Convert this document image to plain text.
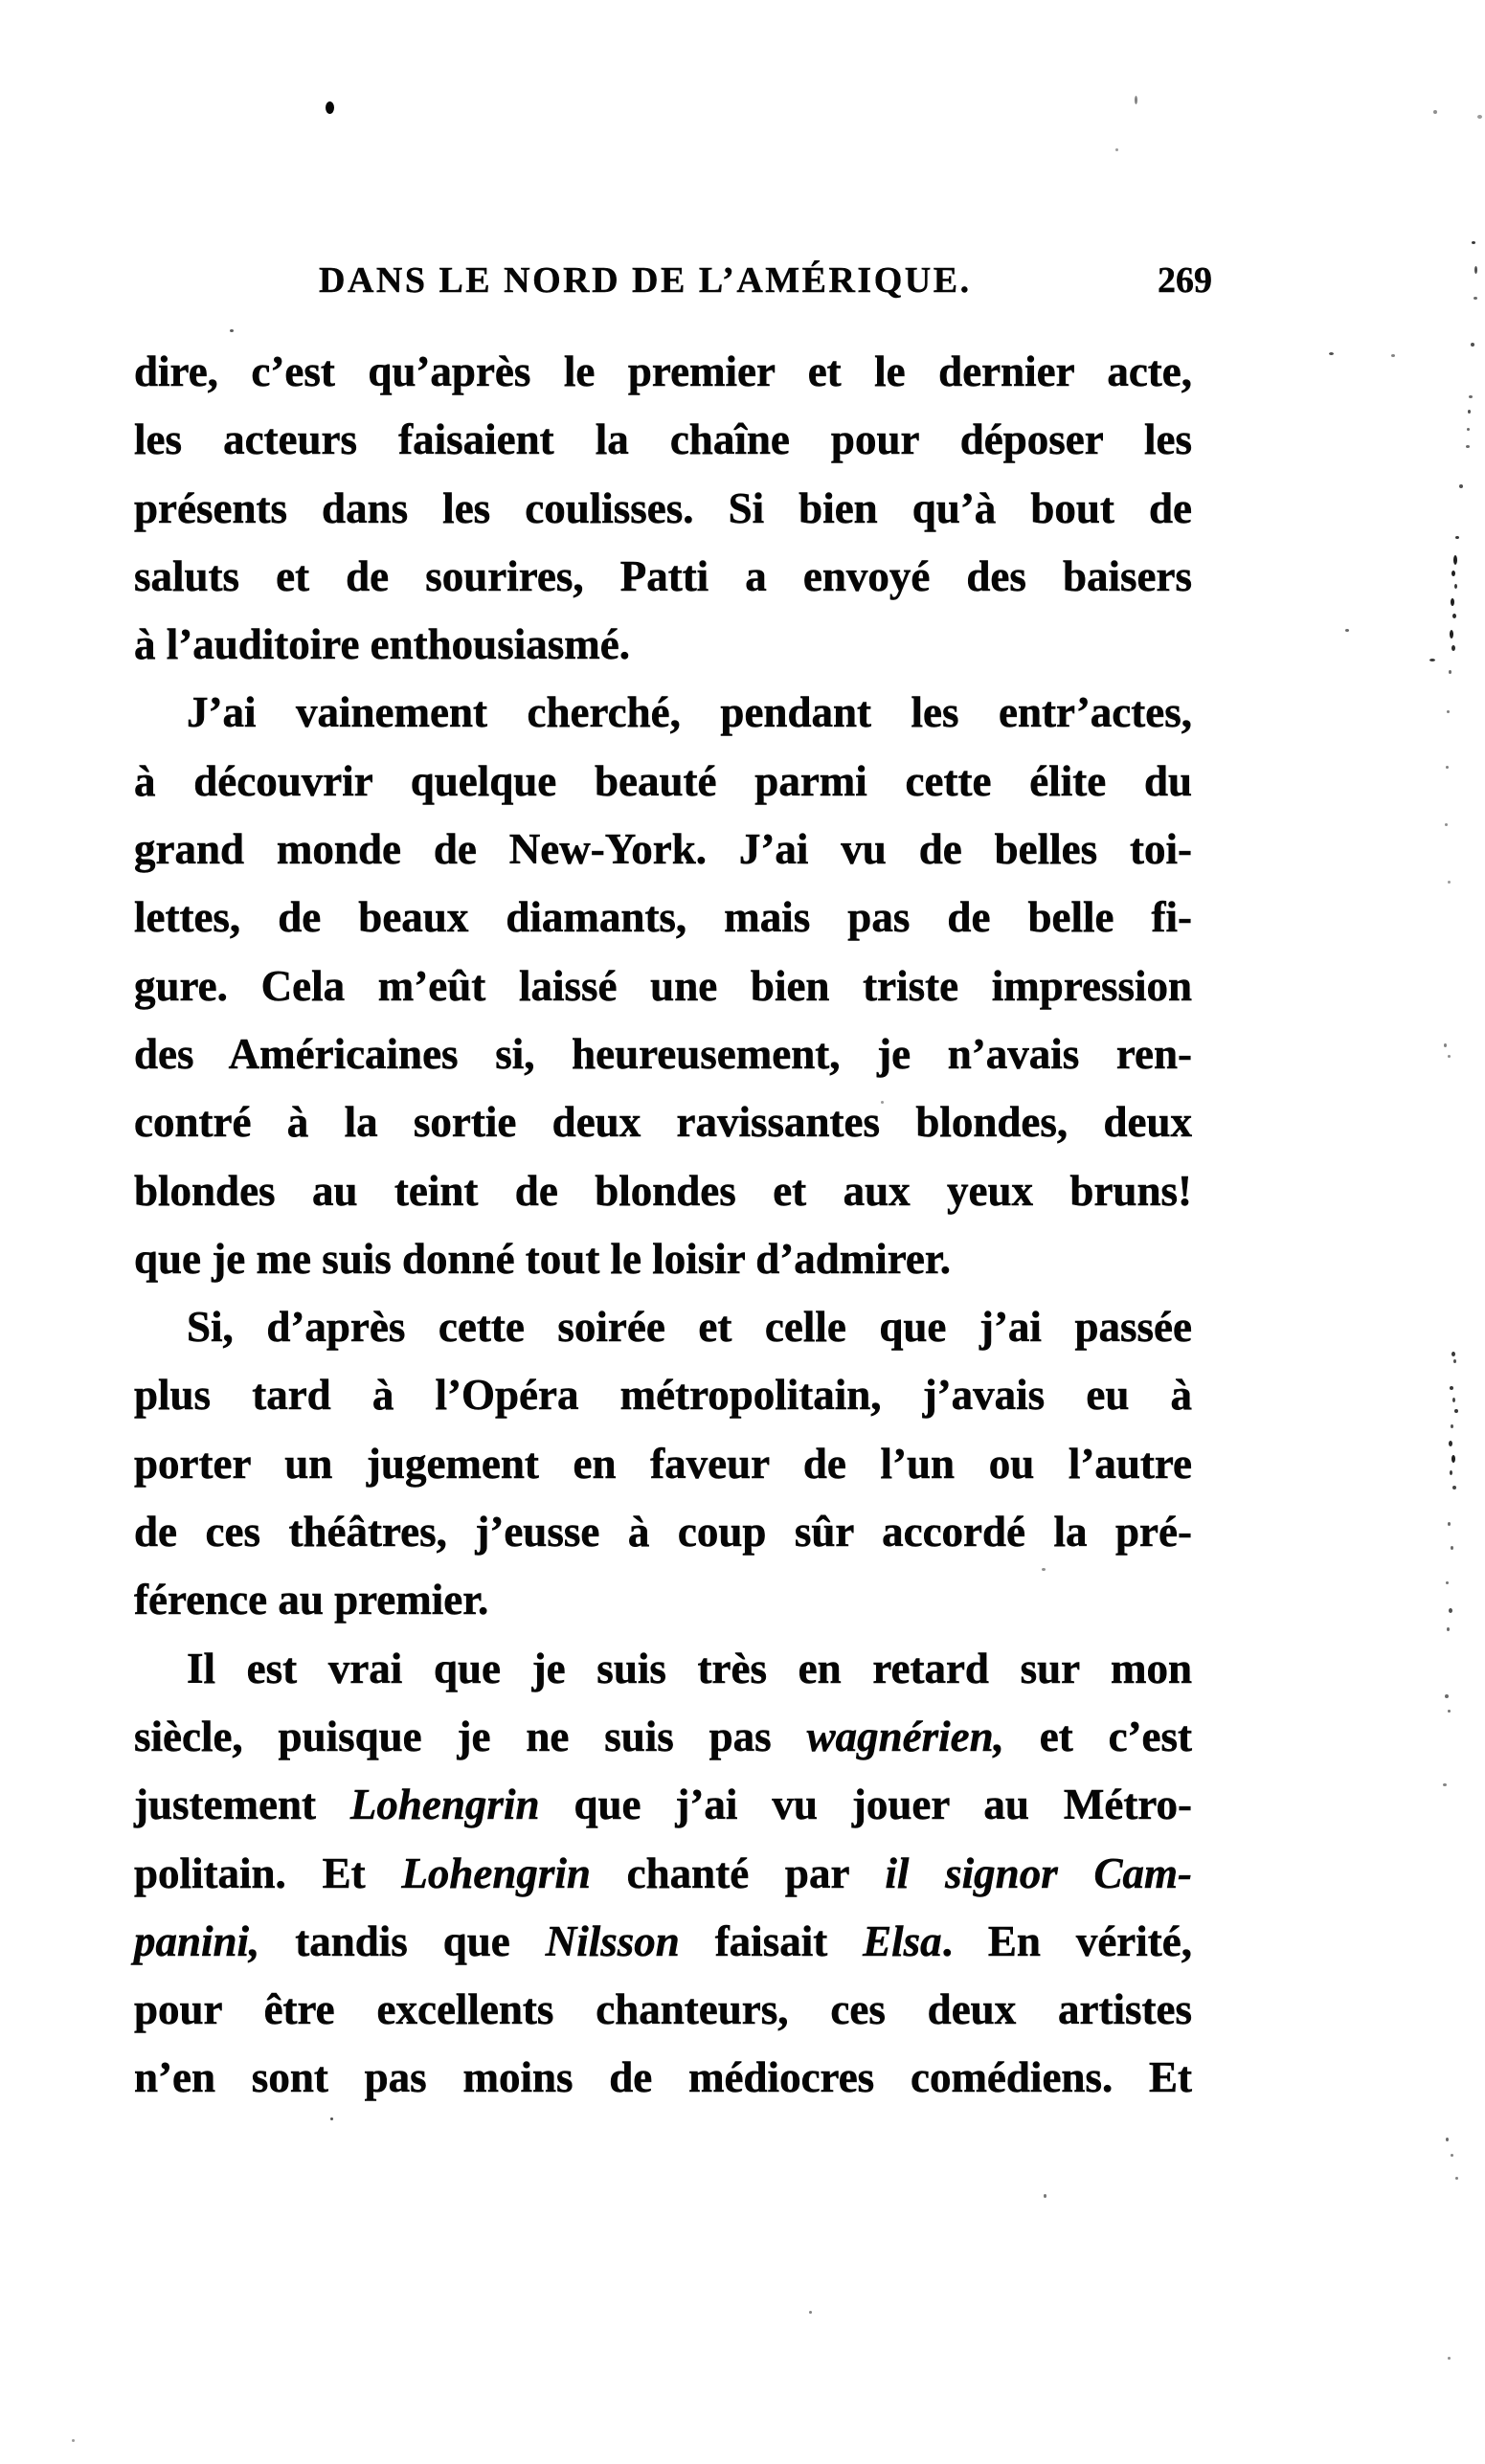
DANS LE NORD DE L’AMÉRIQUE.	269
dire, c’est qu’après le premier et le dernier acte,
les acteurs faisaient la chaîne pour déposer les
présents dans les coulisses. Si bien qu’à bout de
saluts et de sourires, Patti a envoyé des baisers
à l’auditoire enthousiasmé.
J’ai vainement cherché, pendant les entr’actes,
à découvrir quelque beauté parmi cette élite du
grand monde de New-York. J’ai vu de belles toi-
lettes, de beaux diamants, mais pas de belle fi-
gure. Cela m’eût laissé une bien triste impression
des Américaines si, heureusement, je n’avais ren-
contré à la sortie deux ravissantes blondes, deux
blondes au teint de blondes et aux yeux bruns!
que je me suis donné tout le loisir d’admirer.
Si, d’après cette soirée et celle que j’ai passée
plus tard à l’Opéra métropolitain, j’avais eu à
porter un jugement en faveur de l’un ou l’autre
de ces théâtres, j’eusse à coup sûr accordé la pré-
férence au premier.
Il est vrai que je suis très en retard sur mon
siècle, puisque je ne suis pas wagnérien, et c’est
justement Lohengrin que j’ai vu jouer au Métro-
politain. Et Lohengrin chanté par il signor Cam-
panini, tandis que Nilsson faisait Elsa. En vérité,
pour être excellents chanteurs, ces deux artistes
n’en sont pas moins de médiocres comédiens. Et
